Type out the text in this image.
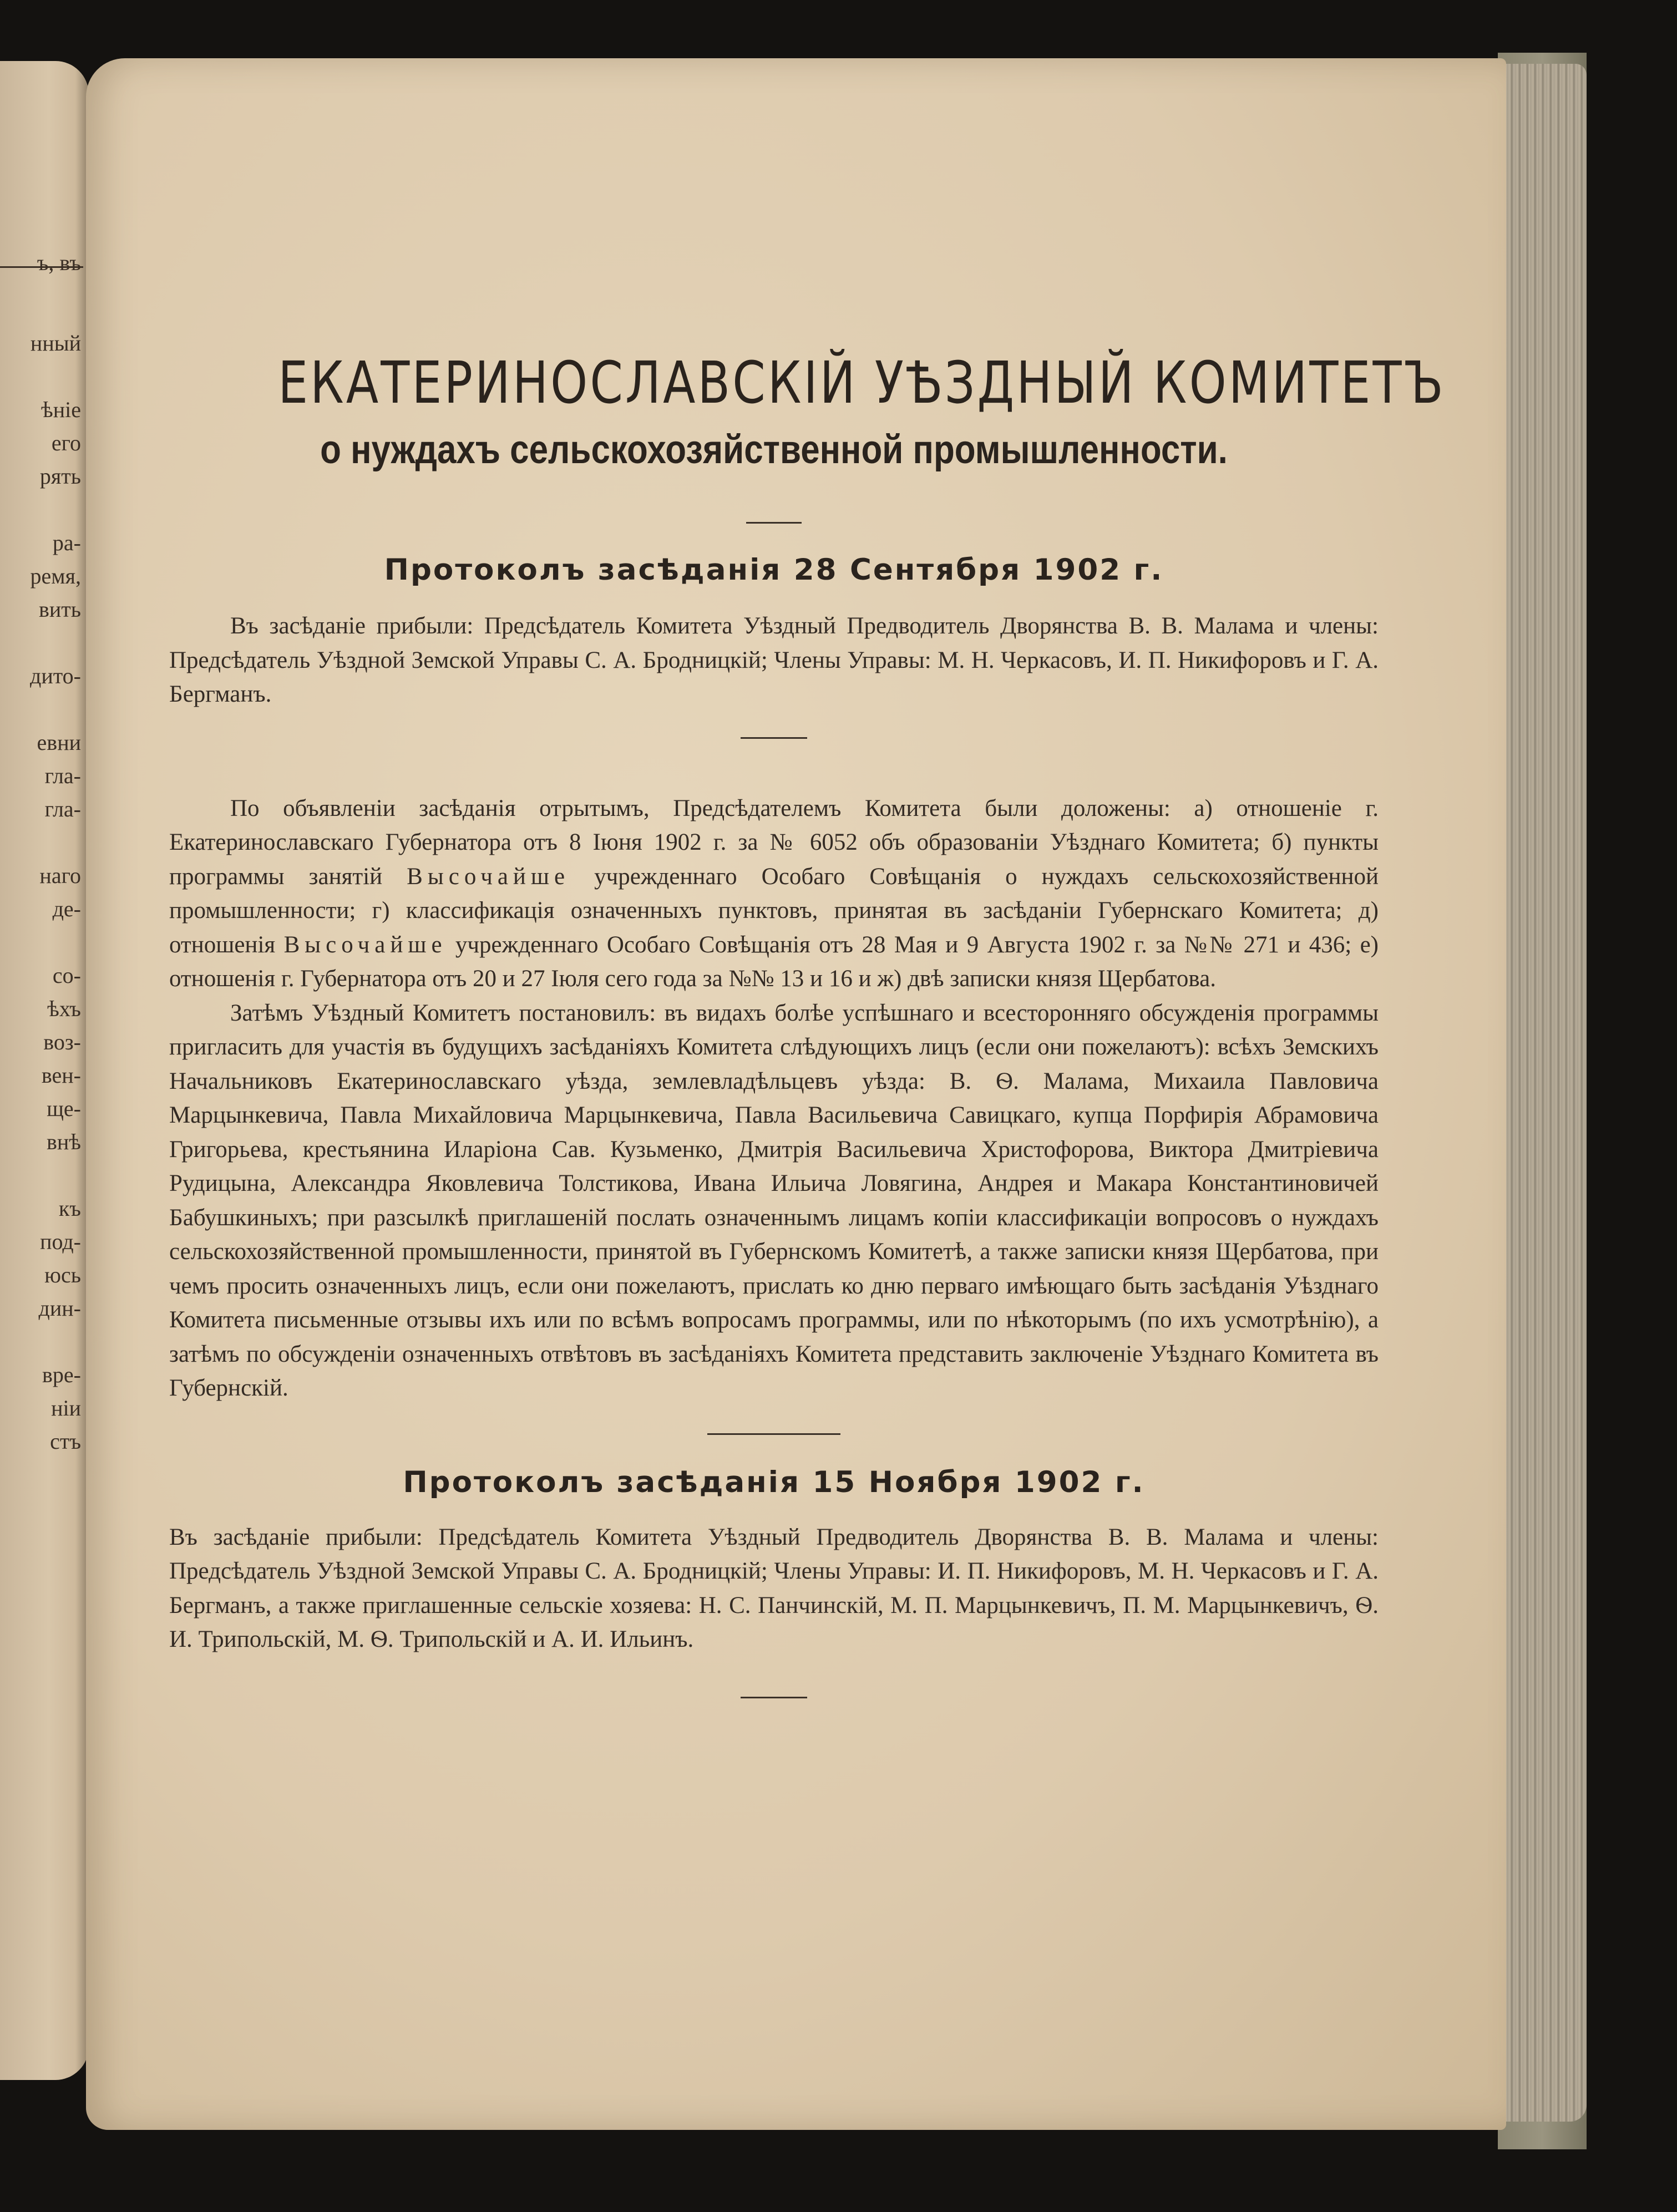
ъ, въ
нный
ѣніе
его
рять
ра-
ремя,
вить
дито-
евни
гла-
гла-
наго
де-
со-
ѣхъ
воз-
вен-
ще-
внѣ
къ
под-
юсь
дин-
вре-
ніи
стъ
ЕКАТЕРИНОСЛАВСКІЙ УѢЗДНЫЙ КОМИТЕТЪ
о нуждахъ сельскохозяйственной промышленности.
Протоколъ засѣданія 28 Сентября 1902 г.

Въ засѣданіе прибыли: Предсѣдатель Комитета Уѣздный Предводитель Дворянства В. В. Малама и члены: Предсѣдатель Уѣздной Земской Управы С. А. Бродницкій; Члены Управы: М. Н. Черкасовъ, И. П. Никифоровъ и Г. А. Бергманъ.

По объявленіи засѣданія отрытымъ, Предсѣдателемъ Комитета были доложены: а) отношеніе г. Екатеринославскаго Губернатора отъ 8 Іюня 1902 г. за № 6052 объ образованіи Уѣзднаго Комитета; б) пункты программы занятій Высочайше учрежденнаго Особаго Совѣщанія о нуждахъ сельскохозяйственной промышленности; г) классификація означенныхъ пунктовъ, принятая въ засѣданіи Губернскаго Комитета; д) отношенія Высочайше учрежденнаго Особаго Совѣщанія отъ 28 Мая и 9 Августа 1902 г. за №№ 271 и 436; е) отношенія г. Губернатора отъ 20 и 27 Іюля сего года за №№ 13 и 16 и ж) двѣ записки князя Щербатова.

Затѣмъ Уѣздный Комитетъ постановилъ: въ видахъ болѣе успѣшнаго и всесторонняго обсужденія программы пригласить для участія въ будущихъ засѣданіяхъ Комитета слѣдующихъ лицъ (если они пожелаютъ): всѣхъ Земскихъ Начальниковъ Екатеринославскаго уѣзда, землевладѣльцевъ уѣзда: В. Ѳ. Малама, Михаила Павловича Марцынкевича, Павла Михайловича Марцынкевича, Павла Васильевича Савицкаго, купца Порфирія Абрамовича Григорьева, крестьянина Иларіона Сав. Кузьменко, Дмитрія Васильевича Христофорова, Виктора Дмитріевича Рудицына, Александра Яковлевича Толстикова, Ивана Ильича Ловягина, Андрея и Макара Константиновичей Бабушкиныхъ; при разсылкѣ приглашеній послать означеннымъ лицамъ копіи классификаціи вопросовъ о нуждахъ сельскохозяйственной промышленности, принятой въ Губернскомъ Комитетѣ, а также записки князя Щербатова, при чемъ просить означенныхъ лицъ, если они пожелаютъ, прислать ко дню перваго имѣющаго быть засѣданія Уѣзднаго Комитета письменные отзывы ихъ или по всѣмъ вопросамъ программы, или по нѣкоторымъ (по ихъ усмотрѣнію), а затѣмъ по обсужденіи означенныхъ отвѣтовъ въ засѣданіяхъ Комитета представить заключеніе Уѣзднаго Комитета въ Губернскій.

Протоколъ засѣданія 15 Ноября 1902 г.

Въ засѣданіе прибыли: Предсѣдатель Комитета Уѣздный Предводитель Дворянства В. В. Малама и члены: Предсѣдатель Уѣздной Земской Управы С. А. Бродницкій; Члены Управы: И. П. Никифоровъ, М. Н. Черкасовъ и Г. А. Бергманъ, а также приглашенные сельскіе хозяева: Н. С. Панчинскій, М. П. Марцынкевичъ, П. М. Марцынкевичъ, Ѳ. И. Трипольскій, М. Ѳ. Трипольскій и А. И. Ильинъ.
